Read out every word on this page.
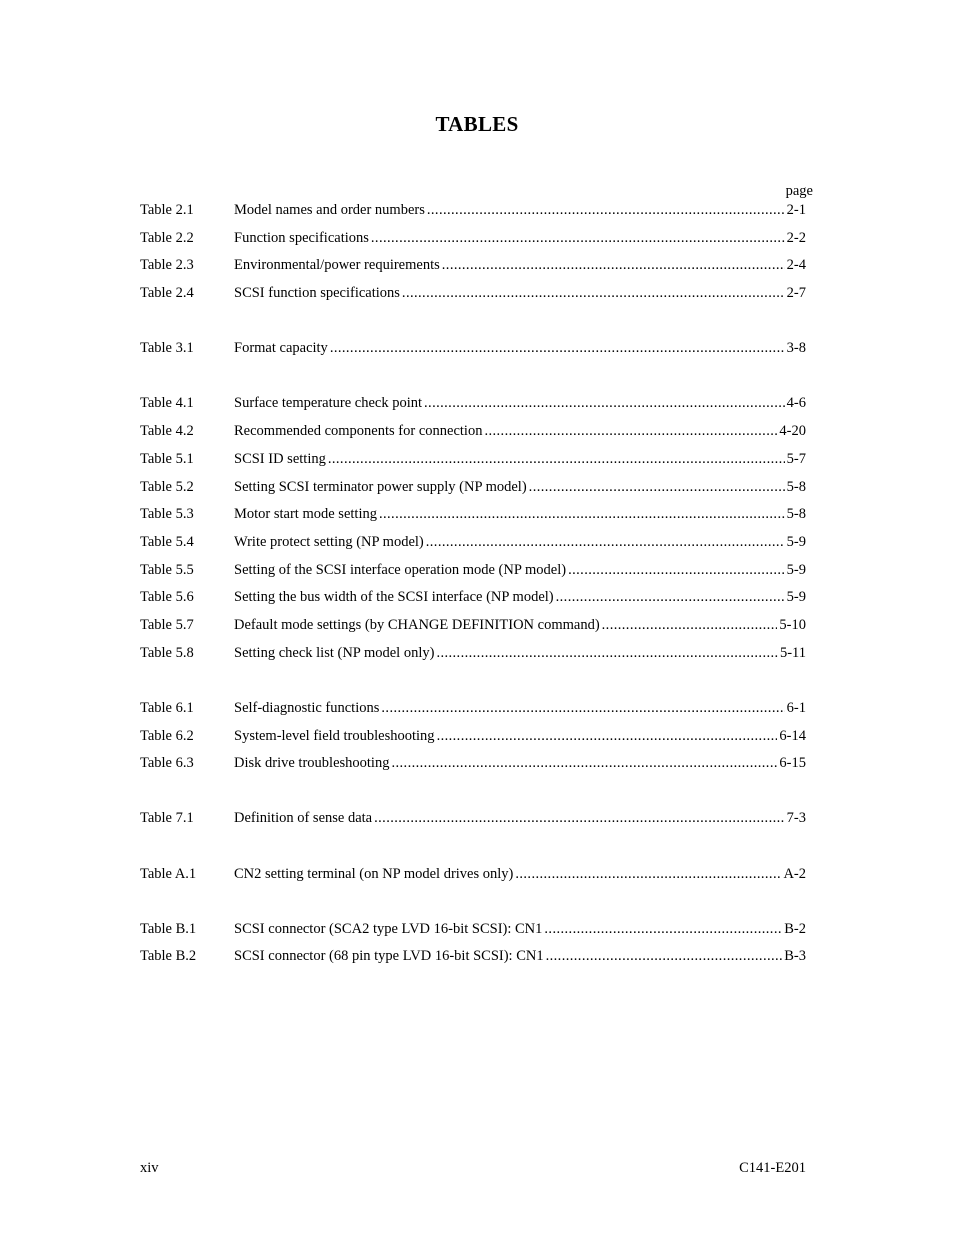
TABLES
page
Table 2.1	Model names and order numbers .....	2-1
Table 2.2	Function specifications .....	2-2
Table 2.3	Environmental/power requirements .....	2-4
Table 2.4	SCSI function specifications .....	2-7
Table 3.1	Format capacity .....	3-8
Table 4.1	Surface temperature check point .....	4-6
Table 4.2	Recommended components for connection .....	4-20
Table 5.1	SCSI ID setting .....	5-7
Table 5.2	Setting SCSI terminator power supply (NP model) .....	5-8
Table 5.3	Motor start mode setting .....	5-8
Table 5.4	Write protect setting (NP model) .....	5-9
Table 5.5	Setting of the SCSI interface operation mode (NP model) .....	5-9
Table 5.6	Setting the bus width of the SCSI interface (NP model) .....	5-9
Table 5.7	Default mode settings (by CHANGE DEFINITION command) .....	5-10
Table 5.8	Setting check list (NP model only) .....	5-11
Table 6.1	Self-diagnostic functions .....	6-1
Table 6.2	System-level field troubleshooting .....	6-14
Table 6.3	Disk drive troubleshooting .....	6-15
Table 7.1	Definition of sense data .....	7-3
Table A.1	CN2 setting terminal (on NP model drives only) .....	A-2
Table B.1	SCSI connector (SCA2 type LVD 16-bit SCSI): CN1 .....	B-2
Table B.2	SCSI connector (68 pin type LVD 16-bit SCSI): CN1 .....	B-3
xiv	C141-E201
